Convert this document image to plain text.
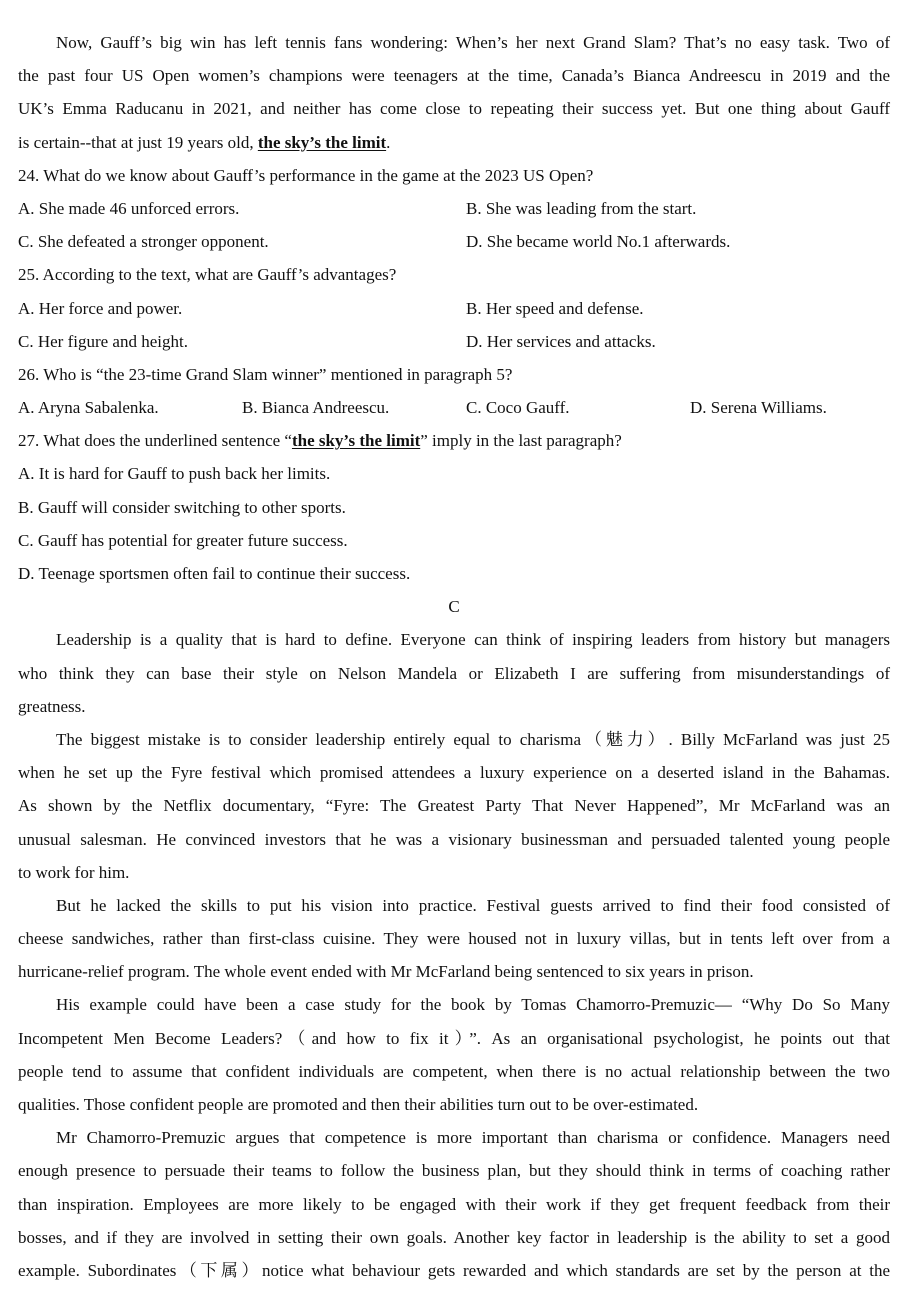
Now, Gauff’s big win has left tennis fans wondering: When’s her next Grand Slam? That’s no easy task. Two of
the past four US Open women’s champions were teenagers at the time, Canada’s Bianca Andreescu in 2019 and the
UK’s Emma Raducanu in 2021, and neither has come close to repeating their success yet. But one thing about Gauff
is certain--that at just 19 years old, the sky’s the limit.
24. What do we know about Gauff’s performance in the game at the 2023 US Open?
A. She made 46 unforced errors.	B. She was leading from the start.
C. She defeated a stronger opponent.	D. She became world No.1 afterwards.
25. According to the text, what are Gauff’s advantages?
A. Her force and power.	B. Her speed and defense.
C. Her figure and height.	D. Her services and attacks.
26. Who is “the 23-time Grand Slam winner” mentioned in paragraph 5?
A. Aryna Sabalenka.	B. Bianca Andreescu.	C. Coco Gauff.	D. Serena Williams.
27. What does the underlined sentence “the sky’s the limit” imply in the last paragraph?
A. It is hard for Gauff to push back her limits.
B. Gauff will consider switching to other sports.
C. Gauff has potential for greater future success.
D. Teenage sportsmen often fail to continue their success.
C
Leadership is a quality that is hard to define. Everyone can think of inspiring leaders from history but managers
who think they can base their style on Nelson Mandela or Elizabeth I are suffering from misunderstandings of
greatness.
The biggest mistake is to consider leadership entirely equal to charisma（魅力）. Billy McFarland was just 25
when he set up the Fyre festival which promised attendees a luxury experience on a deserted island in the Bahamas.
As shown by the Netflix documentary, “Fyre: The Greatest Party That Never Happened”, Mr McFarland was an
unusual salesman. He convinced investors that he was a visionary businessman and persuaded talented young people
to work for him.
But he lacked the skills to put his vision into practice. Festival guests arrived to find their food consisted of
cheese sandwiches, rather than first-class cuisine. They were housed not in luxury villas, but in tents left over from a
hurricane-relief program. The whole event ended with Mr McFarland being sentenced to six years in prison.
His example could have been a case study for the book by Tomas Chamorro-Premuzic— “Why Do So Many
Incompetent Men Become Leaders?（and how to fix it）”. As an organisational psychologist, he points out that
people tend to assume that confident individuals are competent, when there is no actual relationship between the two
qualities. Those confident people are promoted and then their abilities turn out to be over-estimated.
Mr Chamorro-Premuzic argues that competence is more important than charisma or confidence. Managers need
enough presence to persuade their teams to follow the business plan, but they should think in terms of coaching rather
than inspiration. Employees are more likely to be engaged with their work if they get frequent feedback from their
bosses, and if they are involved in setting their own goals. Another key factor in leadership is the ability to set a good
example. Subordinates（下属）notice what behaviour gets rewarded and which standards are set by the person at the
